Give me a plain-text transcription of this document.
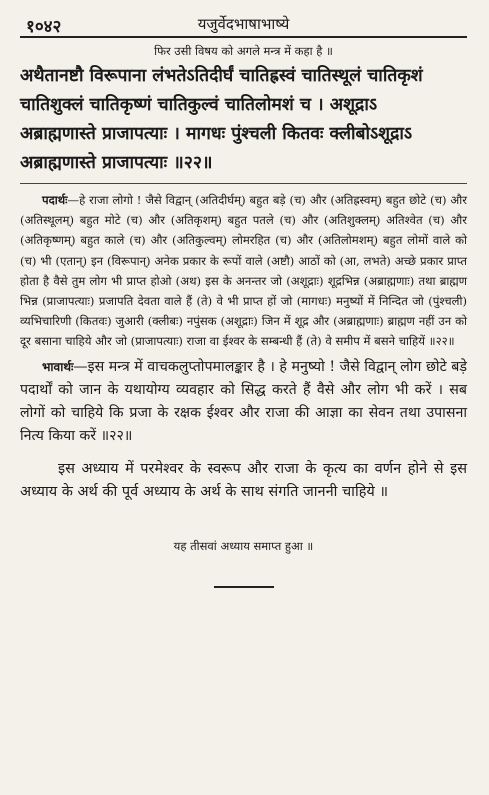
१०४२	यजुर्वेदभाषाभाष्ये
फिर उसी विषय को अगले मन्त्र में कहा है ॥
अथैतानष्टौ विरूपाना लंभतेऽतिदीर्घं चातिह्रस्वं चातिस्थूलं चातिकृशं
चातिशुक्लं चातिकृष्णं चातिकुल्वं चातिलोमशं च । अशूद्राऽ
अब्राह्मणास्ते प्राजापत्याः । मागधः पुंश्चली कितवः क्लीबोऽशूद्राऽ
अब्राह्मणास्ते प्राजापत्याः ॥२२॥

पदार्थः—हे राजा लोगो ! जैसे विद्वान् (अतिदीर्घम्) बहुत बड़े (च) और (अतिह्रस्वम्) बहुत छोटे (च) और (अतिस्थूलम्) बहुत मोटे (च) और (अतिकृशम्) बहुत पतले (च) और (अतिशुक्लम्) अतिश्वेत (च) और (अतिकृष्णम्) बहुत काले (च) और (अतिकुल्वम्) लोमरहित (च) और (अतिलोमशम्) बहुत लोमों वाले को (च) भी (एतान्) इन (विरूपान्) अनेक प्रकार के रूपों वाले (अष्टौ) आठों को (आ, लभते) अच्छे प्रकार प्राप्त होता है वैसे तुम लोग भी प्राप्त होओ (अथ) इस के अनन्तर जो (अशूद्राः) शूद्रभिन्न (अब्राह्मणाः) तथा ब्राह्मण भिन्न (प्राजापत्याः) प्रजापति देवता वाले हैं (ते) वे भी प्राप्त हों जो (मागधः) मनुष्यों में निन्दित जो (पुंश्चली) व्यभिचारिणी (कितवः) जुआरी (क्लीबः) नपुंसक (अशूद्राः) जिन में शूद्र और (अब्राह्मणाः) ब्राह्मण नहीं उन को दूर बसाना चाहिये और जो (प्राजापत्याः) राजा वा ईश्वर के सम्बन्धी हैं (ते) वे समीप में बसने चाहियें ॥२२॥

भावार्थः—इस मन्त्र में वाचकलुप्तोपमालङ्कार है । हे मनुष्यो ! जैसे विद्वान् लोग छोटे बड़े पदार्थों को जान के यथायोग्य व्यवहार को सिद्ध करते हैं वैसे और लोग भी करें । सब लोगों को चाहिये कि प्रजा के रक्षक ईश्वर और राजा की आज्ञा का सेवन तथा उपासना नित्य किया करें ॥२२॥

इस अध्याय में परमेश्वर के स्वरूप और राजा के कृत्य का वर्णन होने से इस अध्याय के अर्थ की पूर्व अध्याय के अर्थ के साथ संगति जाननी चाहिये ॥

यह तीसवां अध्याय समाप्त हुआ ॥
